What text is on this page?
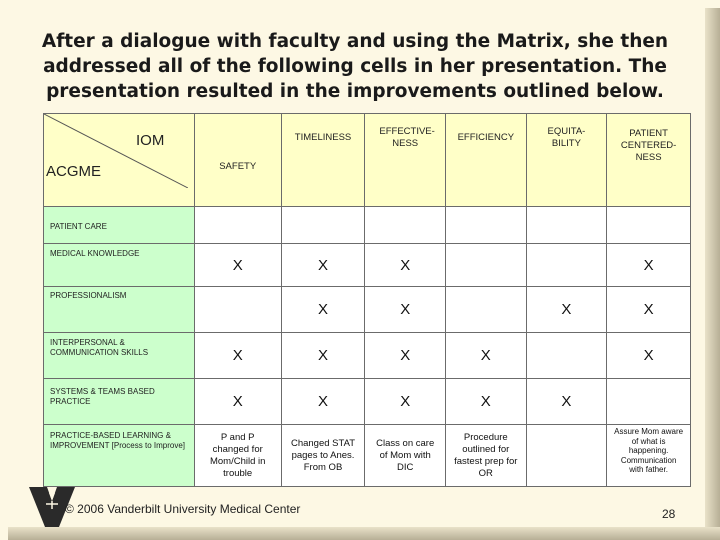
After a dialogue with faculty and using the Matrix, she then addressed all of the following cells in her presentation. The presentation resulted in the improvements outlined below.
IOM
ACGME	SAFETY	TIMELINESS	EFFECTIVE-NESS	EFFICIENCY	EQUITA-BILITY	PATIENT CENTERED-NESS
PATIENT CARE						
MEDICAL KNOWLEDGE	X	X	X			X
PROFESSIONALISM		X	X		X	X
INTERPERSONAL & COMMUNICATION SKILLS	X	X	X	X		X
SYSTEMS & TEAMS BASED PRACTICE	X	X	X	X	X	
PRACTICE-BASED LEARNING & IMPROVEMENT [Process to Improve]	P and P changed for Mom/Child in trouble	Changed STAT pages to Anes. From OB	Class on care of Mom with DIC	Procedure outlined for fastest prep for OR		Assure Mom aware of what is happening. Communication with father.
© 2006 Vanderbilt University Medical Center	28
